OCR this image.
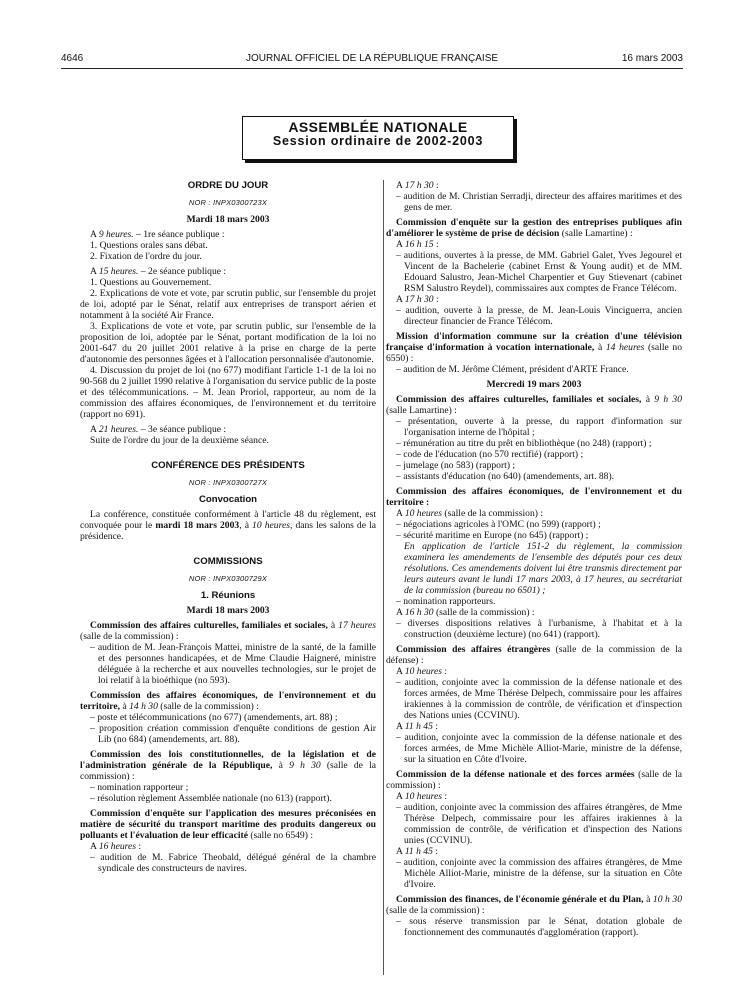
4646	JOURNAL OFFICIEL DE LA RÉPUBLIQUE FRANÇAISE	16 mars 2003
ASSEMBLÉE NATIONALE
Session ordinaire de 2002-2003
ORDRE DU JOUR
NOR : INPX0300723X
Mardi 18 mars 2003

A 9 heures. – 1re séance publique :

1. Questions orales sans débat.

2. Fixation de l'ordre du jour.

A 15 heures. – 2e séance publique :

1. Questions au Gouvernement.

2. Explications de vote et vote, par scrutin public, sur l'ensemble du projet de loi, adopté par le Sénat, relatif aux entreprises de transport aérien et notamment à la société Air France.

3. Explications de vote et vote, par scrutin public, sur l'ensemble de la proposition de loi, adoptée par le Sénat, portant modification de la loi no 2001-647 du 20 juillet 2001 relative à la prise en charge de la perte d'autonomie des personnes âgées et à l'allocation personnalisée d'autonomie.

4. Discussion du projet de loi (no 677) modifiant l'article 1-1 de la loi no 90-568 du 2 juillet 1990 relative à l'organisation du service public de la poste et des télécommunications. – M. Jean Proriol, rapporteur, au nom de la commission des affaires économiques, de l'environnement et du territoire (rapport no 691).

A 21 heures. – 3e séance publique :

Suite de l'ordre du jour de la deuxième séance.

CONFÉRENCE DES PRÉSIDENTS
NOR : INPX0300727X
Convocation

La conférence, constituée conformément à l'article 48 du règlement, est convoquée pour le mardi 18 mars 2003, à 10 heures, dans les salons de la présidence.

COMMISSIONS
NOR : INPX0300729X
1. Réunions
Mardi 18 mars 2003

Commission des affaires culturelles, familiales et sociales, à 17 heures (salle de la commission) :

– audition de M. Jean-François Mattei, ministre de la santé, de la famille et des personnes handicapées, et de Mme Claudie Haigneré, ministre déléguée à la recherche et aux nouvelles technologies, sur le projet de loi relatif à la bioéthique (no 593).

Commission des affaires économiques, de l'environnement et du territoire, à 14 h 30 (salle de la commission) :

– poste et télécommunications (no 677) (amendements, art. 88) ;

– proposition création commission d'enquête conditions de gestion Air Lib (no 684) (amendements, art. 88).

Commission des lois constitutionnelles, de la législation et de l'administration générale de la République, à 9 h 30 (salle de la commission) :

– nomination rapporteur ;

– résolution règlement Assemblée nationale (no 613) (rapport).

Commission d'enquête sur l'application des mesures préconisées en matière de sécurité du transport maritime des produits dangereux ou polluants et l'évaluation de leur efficacité (salle no 6549) :

A 16 heures :

– audition de M. Fabrice Theobald, délégué général de la chambre syndicale des constructeurs de navires.

A 17 h 30 :

– audition de M. Christian Serradji, directeur des affaires maritimes et des gens de mer.

Commission d'enquête sur la gestion des entreprises publiques afin d'améliorer le système de prise de décision (salle Lamartine) :

A 16 h 15 :

– auditions, ouvertes à la presse, de MM. Gabriel Galet, Yves Jegourel et Vincent de la Bachelerie (cabinet Ernst & Young audit) et de MM. Edouard Salustro, Jean-Michel Charpentier et Guy Stievenart (cabinet RSM Salustro Reydel), commissaires aux comptes de France Télécom.

A 17 h 30 :

– audition, ouverte à la presse, de M. Jean-Louis Vinciguerra, ancien directeur financier de France Télécom.

Mission d'information commune sur la création d'une télévision française d'information à vocation internationale, à 14 heures (salle no 6550) :

– audition de M. Jérôme Clément, président d'ARTE France.

Mercredi 19 mars 2003

Commission des affaires culturelles, familiales et sociales, à 9 h 30 (salle Lamartine) :

– présentation, ouverte à la presse, du rapport d'information sur l'organisation interne de l'hôpital ;

– rémunération au titre du prêt en bibliothèque (no 248) (rapport) ;

– code de l'éducation (no 570 rectifié) (rapport) ;

– jumelage (no 583) (rapport) ;

– assistants d'éducation (no 640) (amendements, art. 88).

Commission des affaires économiques, de l'environnement et du territoire :

A 10 heures (salle de la commission) :

– négociations agricoles à l'OMC (no 599) (rapport) ;

– sécurité maritime en Europe (no 645) (rapport) ;

En application de l'article 151-2 du règlement, la commission examinera les amendements de l'ensemble des députés pour ces deux résolutions. Ces amendements doivent lui être transmis directement par leurs auteurs avant le lundi 17 mars 2003, à 17 heures, au secrétariat de la commission (bureau no 6501) ;

– nomination rapporteurs.

A 16 h 30 (salle de la commission) :

– diverses dispositions relatives à l'urbanisme, à l'habitat et à la construction (deuxième lecture) (no 641) (rapport).

Commission des affaires étrangères (salle de la commission de la défense) :

A 10 heures :

– audition, conjointe avec la commission de la défense nationale et des forces armées, de Mme Thérèse Delpech, commissaire pour les affaires irakiennes à la commission de contrôle, de vérification et d'inspection des Nations unies (CCVINU).

A 11 h 45 :

– audition, conjointe avec la commission de la défense nationale et des forces armées, de Mme Michèle Alliot-Marie, ministre de la défense, sur la situation en Côte d'Ivoire.

Commission de la défense nationale et des forces armées (salle de la commission) :

A 10 heures :

– audition, conjointe avec la commission des affaires étrangères, de Mme Thérèse Delpech, commissaire pour les affaires irakiennes à la commission de contrôle, de vérification et d'inspection des Nations unies (CCVINU).

A 11 h 45 :

– audition, conjointe avec la commission des affaires étrangères, de Mme Michèle Alliot-Marie, ministre de la défense, sur la situation en Côte d'Ivoire.

Commission des finances, de l'économie générale et du Plan, à 10 h 30 (salle de la commission) :

– sous réserve transmission par le Sénat, dotation globale de fonctionnement des communautés d'agglomération (rapport).
